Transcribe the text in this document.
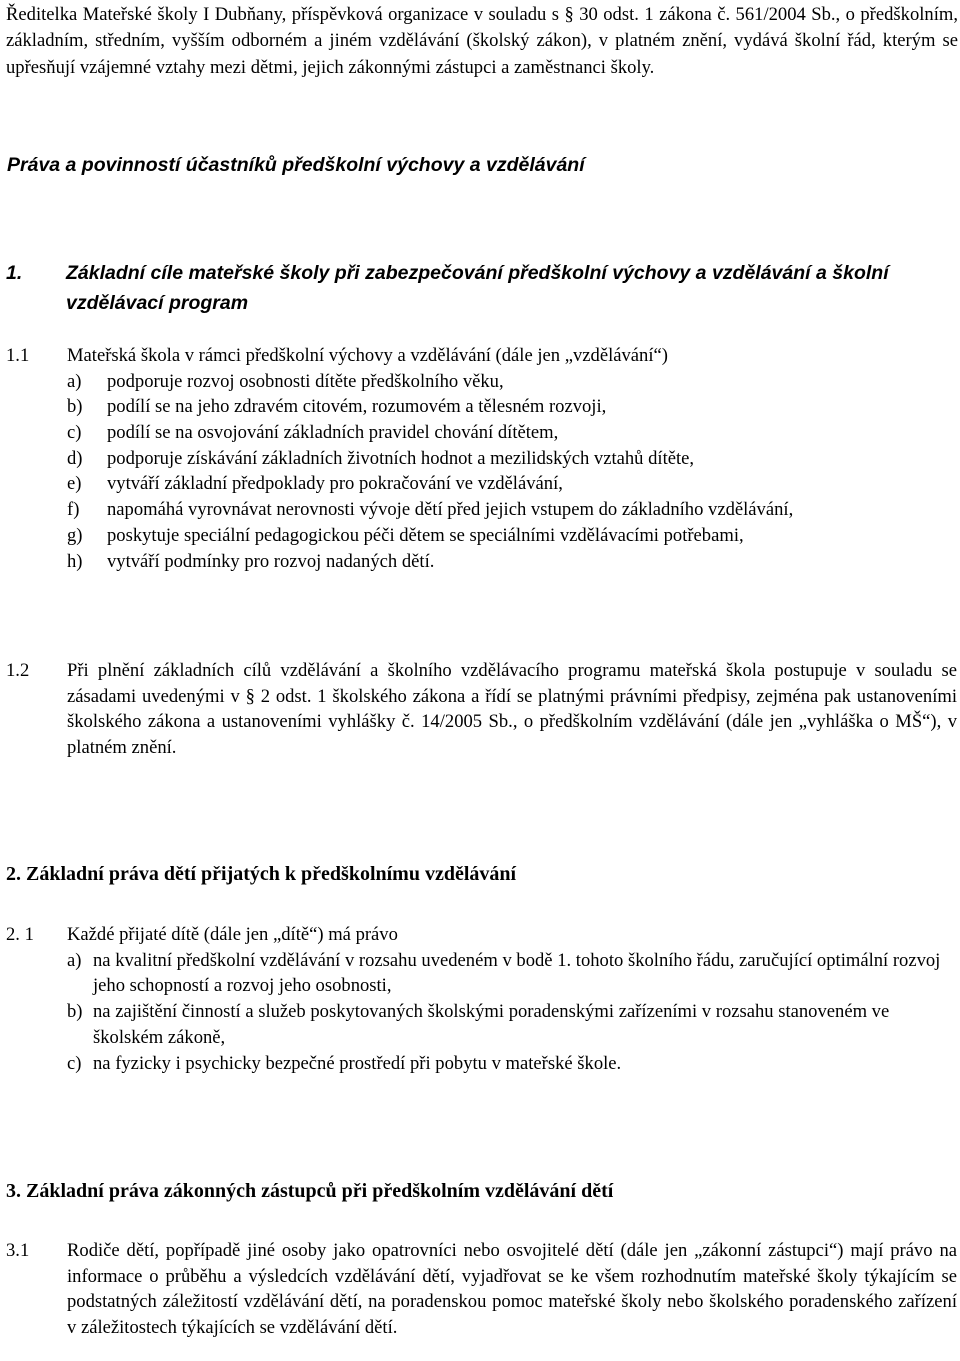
Ředitelka Mateřské školy I Dubňany, příspěvková organizace v souladu s § 30 odst. 1 zákona č. 561/2004 Sb., o předškolním, základním, středním, vyšším odborném a jiném vzdělávání (školský zákon), v platném znění, vydává školní řád, kterým se upřesňují vzájemné vztahy mezi dětmi, jejich zákonnými zástupci a zaměstnanci školy.

Práva a povinností účastníků předškolní výchovy a vzdělávání
1. Základní cíle mateřské školy při zabezpečování předškolní výchovy a vzdělávání a školní vzdělávací program
1.1 Mateřská škola v rámci předškolní výchovy a vzdělávání (dále jen „vzdělávání“)
a) podporuje rozvoj osobnosti dítěte předškolního věku,
b) podílí se na jeho zdravém citovém, rozumovém a tělesném rozvoji,
c) podílí se na osvojování základních pravidel chování dítětem,
d) podporuje získávání základních životních hodnot a mezilidských vztahů dítěte,
e) vytváří základní předpoklady pro pokračování ve vzdělávání,
f) napomáhá vyrovnávat nerovnosti vývoje dětí před jejich vstupem do základního vzdělávání,
g) poskytuje speciální pedagogickou péči dětem se speciálními vzdělávacími potřebami,
h) vytváří podmínky pro rozvoj nadaných dětí.
1.2 Při plnění základních cílů vzdělávání a školního vzdělávacího programu mateřská škola postupuje v souladu se zásadami uvedenými v § 2 odst. 1 školského zákona a řídí se platnými právními předpisy, zejména pak ustanoveními školského zákona a ustanoveními vyhlášky č. 14/2005 Sb., o předškolním vzdělávání (dále jen „vyhláška o MŠ“), v platném znění.
2. Základní práva dětí přijatých k předškolnímu vzdělávání
2. 1 Každé přijaté dítě (dále jen „dítě“) má právo
a) na kvalitní předškolní vzdělávání v rozsahu uvedeném v bodě 1. tohoto školního řádu, zaručující optimální rozvoj jeho schopností a rozvoj jeho osobnosti,
b) na zajištění činností a služeb poskytovaných školskými poradenskými zařízeními v rozsahu stanoveném ve školském zákoně,
c) na fyzicky i psychicky bezpečné prostředí při pobytu v mateřské škole.
3. Základní práva zákonných zástupců při předškolním vzdělávání dětí
3.1 Rodiče dětí, popřípadě jiné osoby jako opatrovníci nebo osvojitelé dětí (dále jen „zákonní zástupci“) mají právo na informace o průběhu a výsledcích vzdělávání dětí, vyjadřovat se ke všem rozhodnutím mateřské školy týkajícím se podstatných záležitostí vzdělávání dětí, na poradenskou pomoc mateřské školy nebo školského poradenského zařízení v záležitostech týkajících se vzdělávání dětí.
